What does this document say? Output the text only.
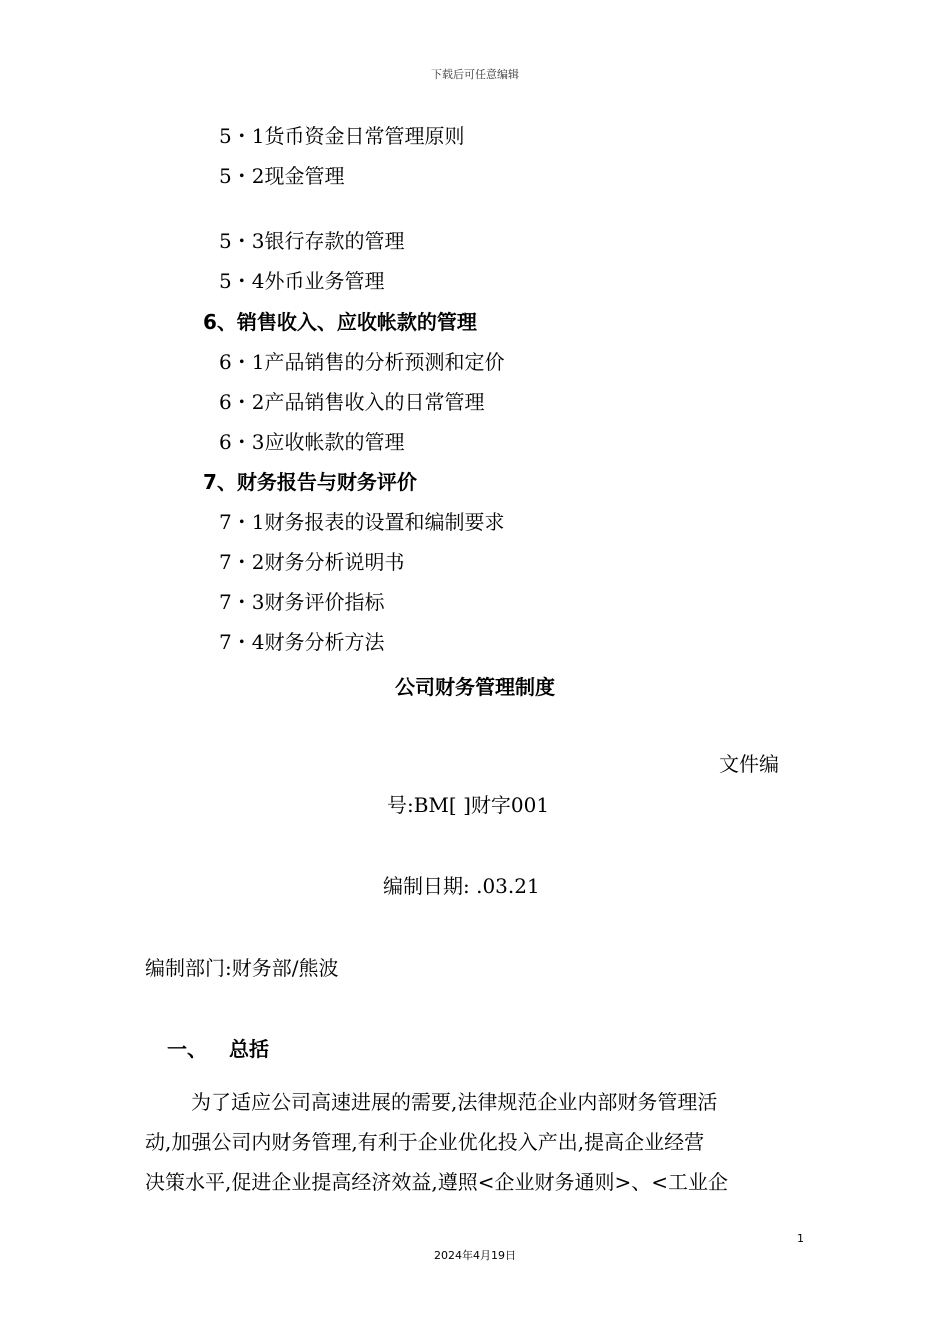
下载后可任意编辑
5・1货币资金日常管理原则
5・2现金管理
5・3银行存款的管理
5・4外币业务管理
6、销售收入、应收帐款的管理
6・1产品销售的分析预测和定价
6・2产品销售收入的日常管理
6・3应收帐款的管理
7、财务报告与财务评价
7・1财务报表的设置和编制要求
7・2财务分析说明书
7・3财务评价指标
7・4财务分析方法
公司财务管理制度
文件编
号:BM[ ]财字001
编制日期: .03.21
编制部门:财务部/熊波
一、 总括
为了适应公司高速进展的需要,法律规范企业内部财务管理活
动,加强公司内财务管理,有利于企业优化投入产出,提高企业经营
决策水平,促进企业提高经济效益,遵照<企业财务通则>、<工业企
1
2024年4月19日
